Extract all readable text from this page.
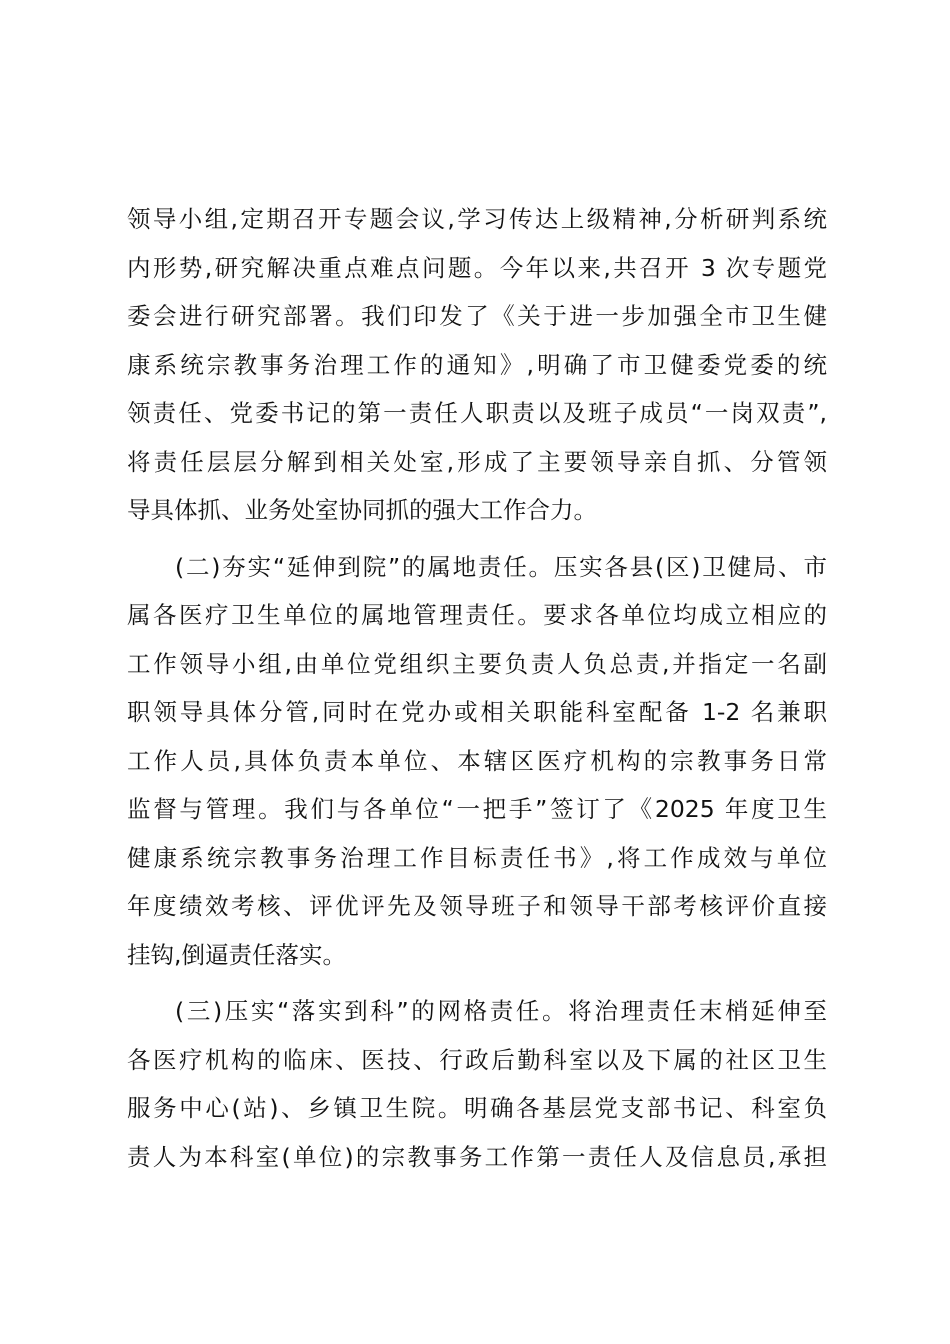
领导小组,定期召开专题会议,学习传达上级精神,分析研判系统
内形势,研究解决重点难点问题。今年以来,共召开 3 次专题党
委会进行研究部署。我们印发了《关于进一步加强全市卫生健
康系统宗教事务治理工作的通知》,明确了市卫健委党委的统
领责任、党委书记的第一责任人职责以及班子成员“一岗双责”,
将责任层层分解到相关处室,形成了主要领导亲自抓、分管领
导具体抓、业务处室协同抓的强大工作合力。
(二)夯实“延伸到院”的属地责任。压实各县(区)卫健局、市
属各医疗卫生单位的属地管理责任。要求各单位均成立相应的
工作领导小组,由单位党组织主要负责人负总责,并指定一名副
职领导具体分管,同时在党办或相关职能科室配备 1-2 名兼职
工作人员,具体负责本单位、本辖区医疗机构的宗教事务日常
监督与管理。我们与各单位“一把手”签订了《2025 年度卫生
健康系统宗教事务治理工作目标责任书》,将工作成效与单位
年度绩效考核、评优评先及领导班子和领导干部考核评价直接
挂钩,倒逼责任落实。
(三)压实“落实到科”的网格责任。将治理责任末梢延伸至
各医疗机构的临床、医技、行政后勤科室以及下属的社区卫生
服务中心(站)、乡镇卫生院。明确各基层党支部书记、科室负
责人为本科室(单位)的宗教事务工作第一责任人及信息员,承担
